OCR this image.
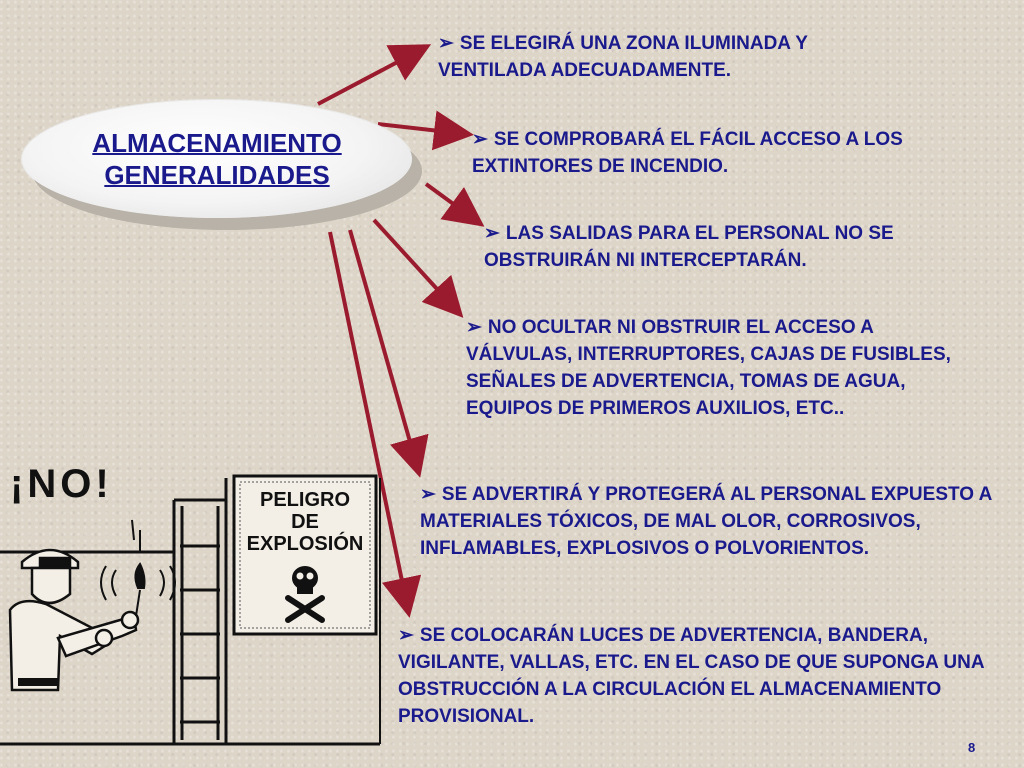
ALMACENAMIENTO
GENERALIDADES
➢ SE ELEGIRÁ UNA ZONA ILUMINADA Y VENTILADA ADECUADAMENTE.
➢ SE COMPROBARÁ EL FÁCIL ACCESO A LOS EXTINTORES DE INCENDIO.
➢ LAS SALIDAS PARA EL PERSONAL NO SE OBSTRUIRÁN NI INTERCEPTARÁN.
➢ NO OCULTAR NI OBSTRUIR EL ACCESO A VÁLVULAS, INTERRUPTORES, CAJAS DE FUSIBLES, SEÑALES DE ADVERTENCIA, TOMAS DE AGUA, EQUIPOS DE PRIMEROS AUXILIOS, ETC..
➢ SE ADVERTIRÁ Y PROTEGERÁ AL PERSONAL EXPUESTO A MATERIALES TÓXICOS, DE MAL OLOR, CORROSIVOS, INFLAMABLES, EXPLOSIVOS O POLVORIENTOS.
➢ SE COLOCARÁN LUCES DE ADVERTENCIA, BANDERA, VIGILANTE, VALLAS, ETC. EN EL CASO DE QUE SUPONGA UNA OBSTRUCCIÓN A LA CIRCULACIÓN EL ALMACENAMIENTO PROVISIONAL.
¡NO!	PELIGRO
DE
EXPLOSIÓN
8
